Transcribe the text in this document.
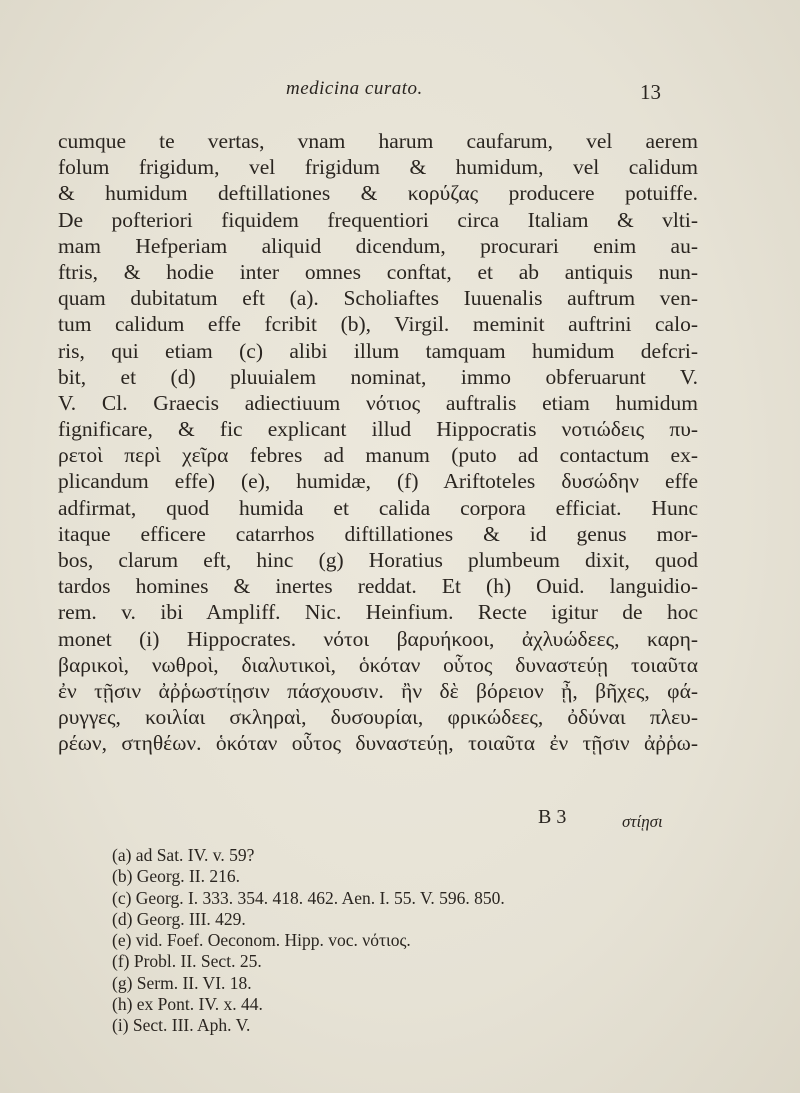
medicina curato.	13
cumque te vertas, vnam harum caufarum, vel aerem
folum frigidum, vel frigidum & humidum, vel calidum
& humidum deftillationes & κορύζας producere potuiffe.
De pofteriori fiquidem frequentiori circa Italiam & vlti-
mam Hefperiam aliquid dicendum, procurari enim au-
ftris, & hodie inter omnes conftat, et ab antiquis nun-
quam dubitatum eft (a). Scholiaftes Iuuenalis auftrum ven-
tum calidum effe fcribit (b), Virgil. meminit auftrini calo-
ris, qui etiam (c) alibi illum tamquam humidum defcri-
bit, et (d) pluuialem nominat, immo obferuarunt V.
V. Cl. Graecis adiectiuum νότιος auftralis etiam humidum
fignificare, & fic explicant illud Hippocratis νοτιώδεις πυ-
ρετοὶ περὶ χεῖρα febres ad manum (puto ad contactum ex-
plicandum effe) (e), humidæ, (f) Ariftoteles δυσώδην effe
adfirmat, quod humida et calida corpora efficiat. Hunc
itaque efficere catarrhos diftillationes & id genus mor-
bos, clarum eft, hinc (g) Horatius plumbeum dixit, quod
tardos homines & inertes reddat. Et (h) Ouid. languidio-
rem. v. ibi Ampliff. Nic. Heinfium. Recte igitur de hoc
monet (i) Hippocrates. νότοι βαρυήκοοι, ἀχλυώδεες, καρη-
βαρικοὶ, νωθροὶ, διαλυτικοὶ, ὁκόταν οὗτος δυναστεύῃ τοιαῦτα
ἐν τῇσιν ἀῤῥωστίῃσιν πάσχουσιν. ἢν δὲ βόρειον ᾖ, βῆχες, φά-
ρυγγες, κοιλίαι σκληραὶ, δυσουρίαι, φρικώδεες, ὀδύναι πλευ-
ρέων, στηθέων. ὁκόταν οὗτος δυναστεύῃ, τοιαῦτα ἐν τῇσιν ἀῤῥω-
B 3	στίῃσι
(a) ad Sat. IV. v. 59?
(b) Georg. II. 216.
(c) Georg. I. 333. 354. 418. 462. Aen. I. 55. V. 596. 850.
(d) Georg. III. 429.
(e) vid. Foef. Oeconom. Hipp. voc. νότιος.
(f) Probl. II. Sect. 25.
(g) Serm. II. VI. 18.
(h) ex Pont. IV. x. 44.
(i) Sect. III. Aph. V.
